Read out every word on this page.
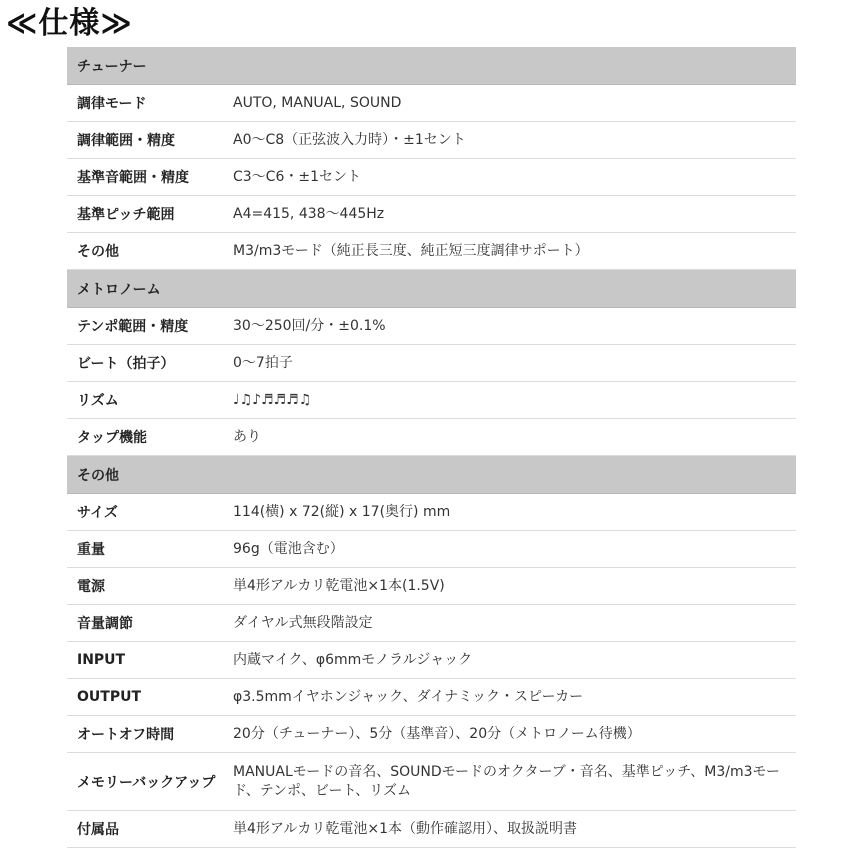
≪仕様≫
チューナー	
調律モード	AUTO, MANUAL, SOUND
調律範囲・精度	A0～C8（正弦波入力時）・±1セント
基準音範囲・精度	C3～C6・±1セント
基準ピッチ範囲	A4=415, 438～445Hz
その他	M3/m3モード（純正長三度、純正短三度調律サポート）
メトロノーム	
テンポ範囲・精度	30～250回/分・±0.1%
ビート（拍子）	0～7拍子
リズム	♩♫♪♬♬♬♫
タップ機能	あり
その他	
サイズ	114(横) x 72(縦) x 17(奥行) mm
重量	96g（電池含む）
電源	単4形アルカリ乾電池×1本(1.5V)
音量調節	ダイヤル式無段階設定
INPUT	内蔵マイク、φ6mmモノラルジャック
OUTPUT	φ3.5mmイヤホンジャック、ダイナミック・スピーカー
オートオフ時間	20分（チューナー）、5分（基準音）、20分（メトロノーム待機）
メモリーバックアップ	MANUALモードの音名、SOUNDモードのオクターブ・音名、基準ピッチ、M3/m3モード、テンポ、ビート、リズム
付属品	単4形アルカリ乾電池×1本（動作確認用）、取扱説明書
